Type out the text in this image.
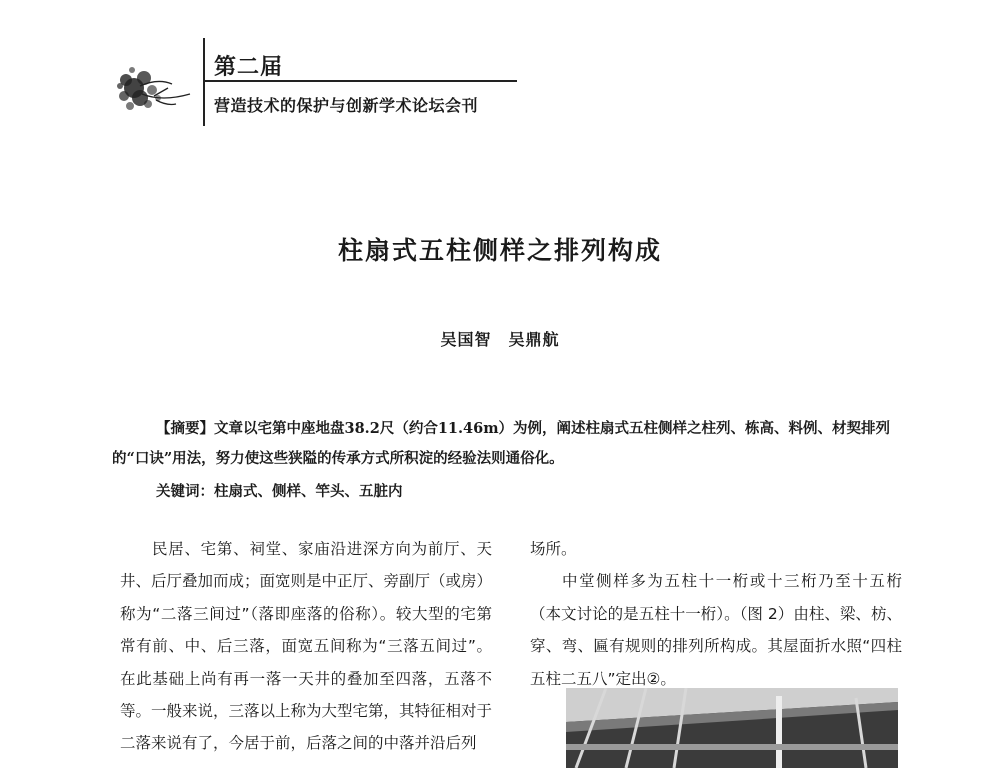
第二届
营造技术的保护与创新学术论坛会刊
柱扇式五柱侧样之排列构成
吴国智　吴鼎航
【摘要】文章以宅第中座地盘38.2尺（约合11.46m）为例，阐述柱扇式五柱侧样之柱列、栋高、料例、材契排列的“口诀”用法，努力使这些狭隘的传承方式所积淀的经验法则通俗化。
关键词：柱扇式、侧样、竿头、五脏内

民居、宅第、祠堂、家庙沿进深方向为前厅、天井、后厅叠加而成；面宽则是中正厅、旁副厅（或房）称为“二落三间过”（落即座落的俗称）。较大型的宅第常有前、中、后三落，面宽五间称为“三落五间过”。在此基础上尚有再一落一天井的叠加至四落，五落不等。一般来说，三落以上称为大型宅第，其特征相对于二落来说有了，今居于前，后落之间的中落并沿后列

场所。

中堂侧样多为五柱十一桁或十三桁乃至十五桁（本文讨论的是五柱十一桁）。（图 2）由柱、梁、枋、穿、弯、匾有规则的排列所构成。其屋面折水照“四柱五柱二五八”定出②。
